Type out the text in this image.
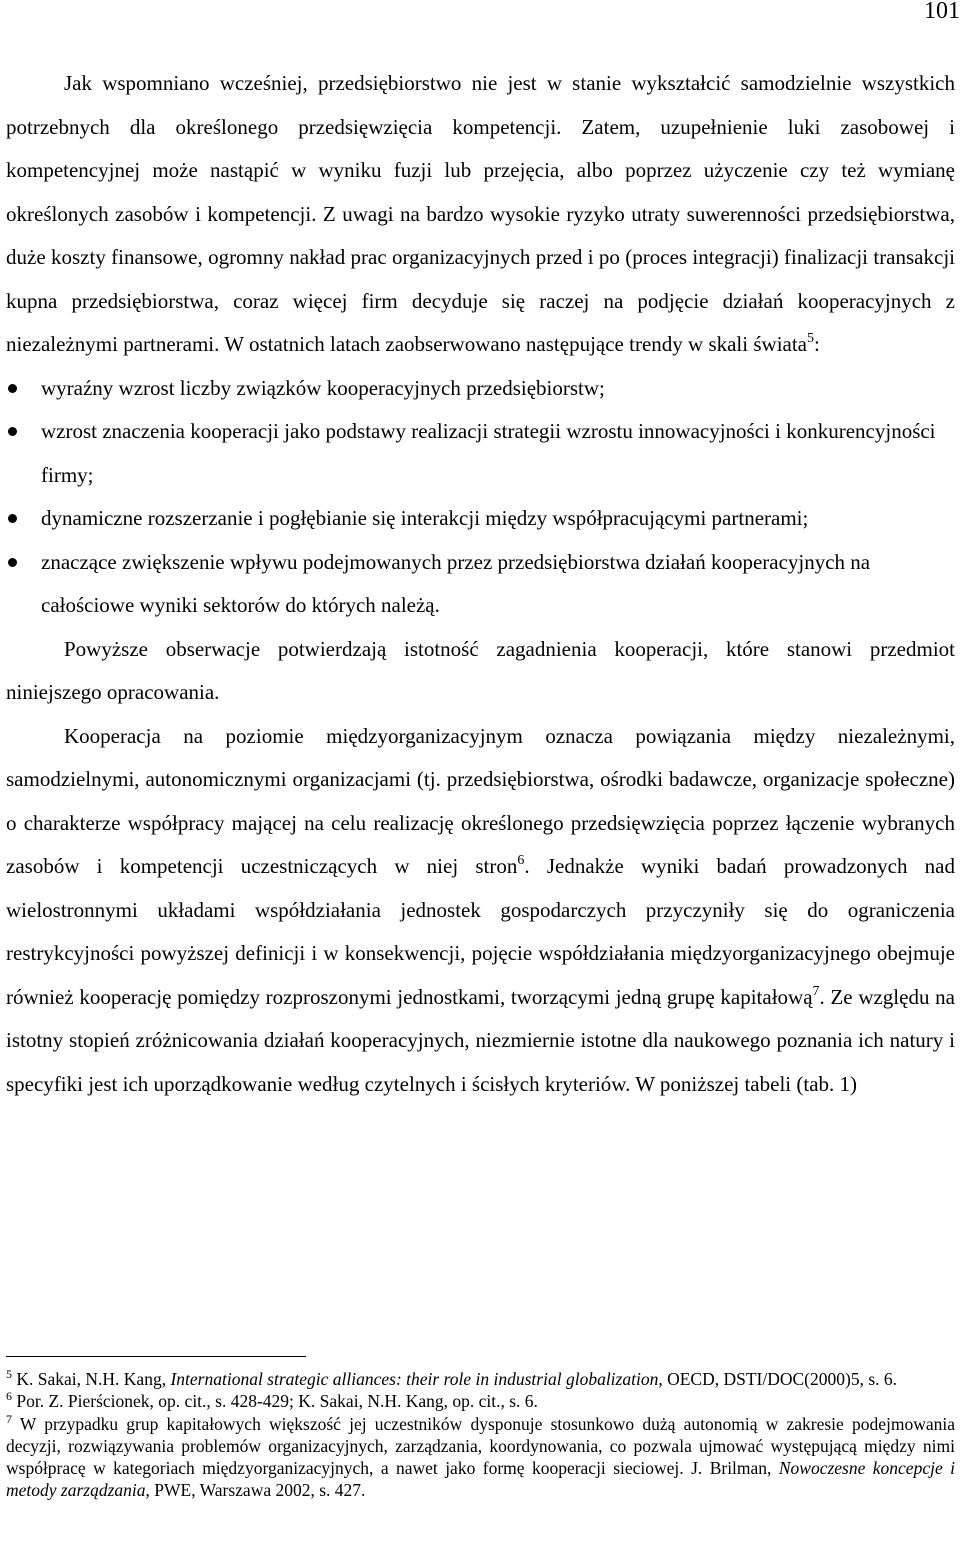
101

Jak wspomniano wcześniej, przedsiębiorstwo nie jest w stanie wykształcić samodzielnie wszystkich potrzebnych dla określonego przedsięwzięcia kompetencji. Zatem, uzupełnienie luki zasobowej i kompetencyjnej może nastąpić w wyniku fuzji lub przejęcia, albo poprzez użyczenie czy też wymianę określonych zasobów i kompetencji. Z uwagi na bardzo wysokie ryzyko utraty suwerenności przedsiębiorstwa, duże koszty finansowe, ogromny nakład prac organizacyjnych przed i po (proces integracji) finalizacji transakcji kupna przedsiębiorstwa, coraz więcej firm decyduje się raczej na podjęcie działań kooperacyjnych z niezależnymi partnerami. W ostatnich latach zaobserwowano następujące trendy w skali świata$^5$:

wyraźny wzrost liczby związków kooperacyjnych przedsiębiorstw;
wzrost znaczenia kooperacji jako podstawy realizacji strategii wzrostu innowacyjności i konkurencyjności firmy;
dynamiczne rozszerzanie i pogłębianie się interakcji między współpracującymi partnerami;
znaczące zwiększenie wpływu podejmowanych przez przedsiębiorstwa działań kooperacyjnych na całościowe wyniki sektorów do których należą.

Powyższe obserwacje potwierdzają istotność zagadnienia kooperacji, które stanowi przedmiot niniejszego opracowania.

Kooperacja na poziomie międzyorganizacyjnym oznacza powiązania między niezależnymi, samodzielnymi, autonomicznymi organizacjami (tj. przedsiębiorstwa, ośrodki badawcze, organizacje społeczne) o charakterze współpracy mającej na celu realizację określonego przedsięwzięcia poprzez łączenie wybranych zasobów i kompetencji uczestniczących w niej stron$^6$. Jednakże wyniki badań prowadzonych nad wielostronnymi układami współdziałania jednostek gospodarczych przyczyniły się do ograniczenia restrykcyjności powyższej definicji i w konsekwencji, pojęcie współdziałania międzyorganizacyjnego obejmuje również kooperację pomiędzy rozproszonymi jednostkami, tworzącymi jedną grupę kapitałową$^7$. Ze względu na istotny stopień zróżnicowania działań kooperacyjnych, niezmiernie istotne dla naukowego poznania ich natury i specyfiki jest ich uporządkowanie według czytelnych i ścisłych kryteriów. W poniższej tabeli (tab. 1)

$^5$ K. Sakai, N.H. Kang, International strategic alliances: their role in industrial globalization, OECD, DSTI/DOC(2000)5, s. 6.

$^6$ Por. Z. Pierścionek, op. cit., s. 428-429; K. Sakai, N.H. Kang, op. cit., s. 6.

$^7$ W przypadku grup kapitałowych większość jej uczestników dysponuje stosunkowo dużą autonomią w zakresie podejmowania decyzji, rozwiązywania problemów organizacyjnych, zarządzania, koordynowania, co pozwala ujmować występującą między nimi współpracę w kategoriach międzyorganizacyjnych, a nawet jako formę kooperacji sieciowej. J. Brilman, Nowoczesne koncepcje i metody zarządzania, PWE, Warszawa 2002, s. 427.
